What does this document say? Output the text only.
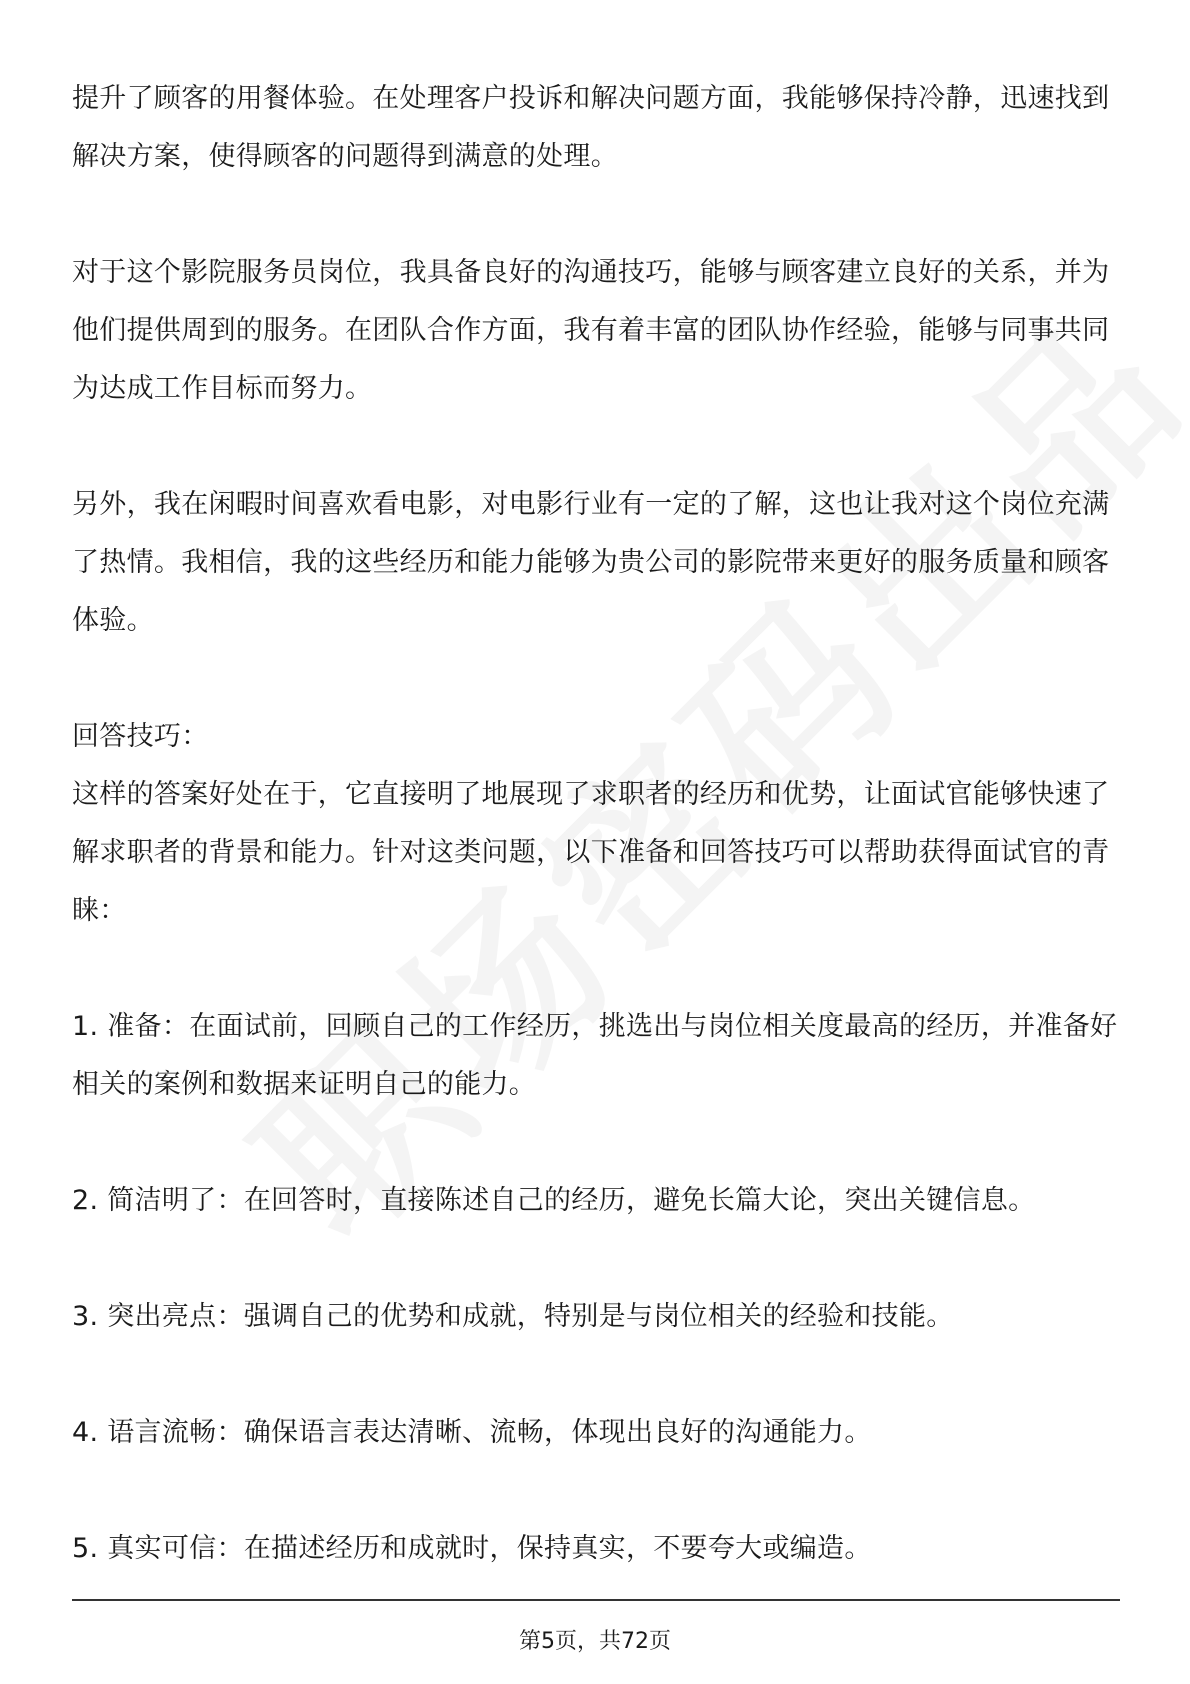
提升了顾客的用餐体验。在处理客户投诉和解决问题方面，我能够保持冷静，迅速找到解决方案，使得顾客的问题得到满意的处理。

对于这个影院服务员岗位，我具备良好的沟通技巧，能够与顾客建立良好的关系，并为他们提供周到的服务。在团队合作方面，我有着丰富的团队协作经验，能够与同事共同为达成工作目标而努力。

另外，我在闲暇时间喜欢看电影，对电影行业有一定的了解，这也让我对这个岗位充满了热情。我相信，我的这些经历和能力能够为贵公司的影院带来更好的服务质量和顾客体验。

回答技巧：

这样的答案好处在于，它直接明了地展现了求职者的经历和优势，让面试官能够快速了解求职者的背景和能力。针对这类问题，以下准备和回答技巧可以帮助获得面试官的青睐：

1. 准备：在面试前，回顾自己的工作经历，挑选出与岗位相关度最高的经历，并准备好相关的案例和数据来证明自己的能力。

2. 简洁明了：在回答时，直接陈述自己的经历，避免长篇大论，突出关键信息。

3. 突出亮点：强调自己的优势和成就，特别是与岗位相关的经验和技能。

4. 语言流畅：确保语言表达清晰、流畅，体现出良好的沟通能力。

5. 真实可信：在描述经历和成就时，保持真实，不要夸大或编造。

第5页，共72页
